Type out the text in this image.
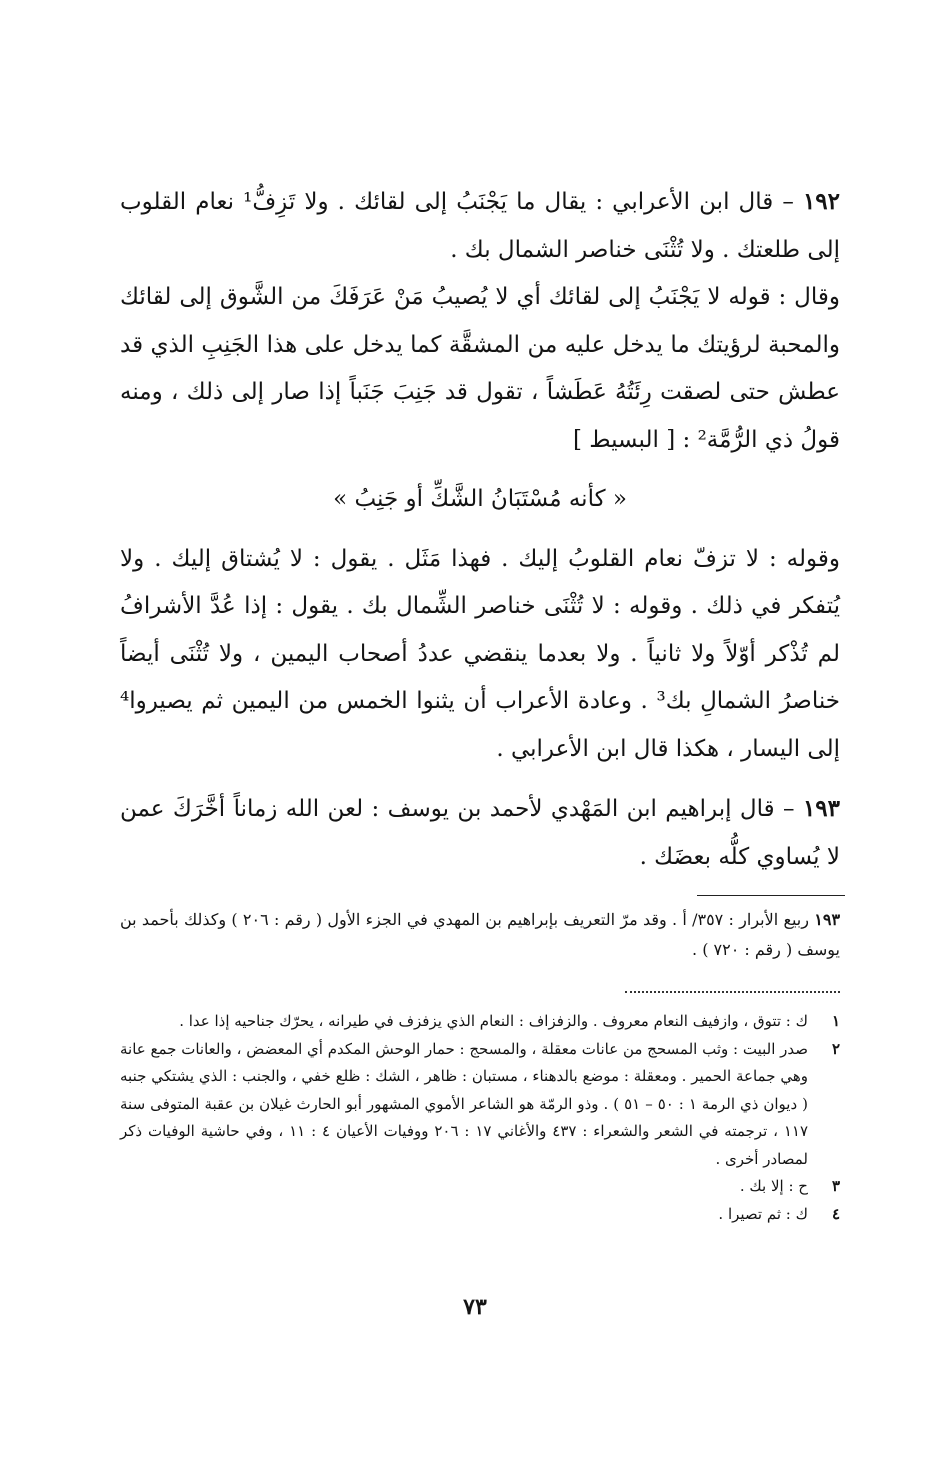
١٩٢ – قال ابن الأعرابي : يقال ما يَجْنَبُ إلى لقائك . ولا تَزِفُّ¹ نعام القلوب إلى طلعتك . ولا تُثْنَى خناصر الشمال بك .

وقال : قوله لا يَجْنَبُ إلى لقائك أي لا يُصيبُ مَنْ عَرَفَكَ من الشَّوق إلى لقائك والمحبة لرؤيتك ما يدخل عليه من المشقَّة كما يدخل على هذا الجَنِبِ الذي قد عطش حتى لصقت رِئَتُهُ عَطَشاً ، تقول قد جَنِبَ جَنَباً إذا صار إلى ذلك ، ومنه قولُ ذي الرُّمَّة² : [ البسيط ]

« كأنه مُسْتَبَانُ الشَّكِّ أو جَنِبُ »

وقوله : لا تزفّ نعام القلوبُ إليك . فهذا مَثَل . يقول : لا يُشتاق إليك . ولا يُتفكر في ذلك . وقوله : لا تُثْنَى خناصر الشِّمال بك . يقول : إذا عُدَّ الأشرافُ لم تُذْكر أوّلاً ولا ثانياً . ولا بعدما ينقضي عددُ أصحاب اليمين ، ولا تُثْنَى أيضاً خناصرُ الشمالِ بك³ . وعادة الأعراب أن يثنوا الخمس من اليمين ثم يصيروا⁴ إلى اليسار ، هكذا قال ابن الأعرابي .

١٩٣ – قال إبراهيم ابن المَهْدي لأحمد بن يوسف : لعن الله زماناً أخَّرَكَ عمن لا يُساوي كلُّه بعضَك .

١٩٣ ربيع الأبرار : ٣٥٧/ أ . وقد مرّ التعريف بإبراهيم بن المهدي في الجزء الأول ( رقم : ٢٠٦ ) وكذلك بأحمد بن يوسف ( رقم : ٧٢٠ ) .

١
ك : تتوق ، وازفيف النعام معروف . والزفزاف : النعام الذي يزفزف في طيرانه ، يحرّك جناحيه إذا عدا .
٢
صدر البيت : وثب المسحج من عانات معقلة ، والمسحج : حمار الوحش المكدم أي المعضض ، والعانات جمع عانة وهي جماعة الحمير . ومعقلة : موضع بالدهناء ، مستبان : ظاهر ، الشك : ظلع خفي ، والجنب : الذي يشتكي جنبه ( ديوان ذي الرمة ١ : ٥٠ – ٥١ ) . وذو الرمّة هو الشاعر الأموي المشهور أبو الحارث غيلان بن عقبة المتوفى سنة ١١٧ ، ترجمته في الشعر والشعراء : ٤٣٧ والأغاني ١٧ : ٢٠٦ ووفيات الأعيان ٤ : ١١ ، وفي حاشية الوفيات ذكر لمصادر أخرى .
٣
ح : إلا بك .
٤
ك : ثم تصيرا .
٧٣
